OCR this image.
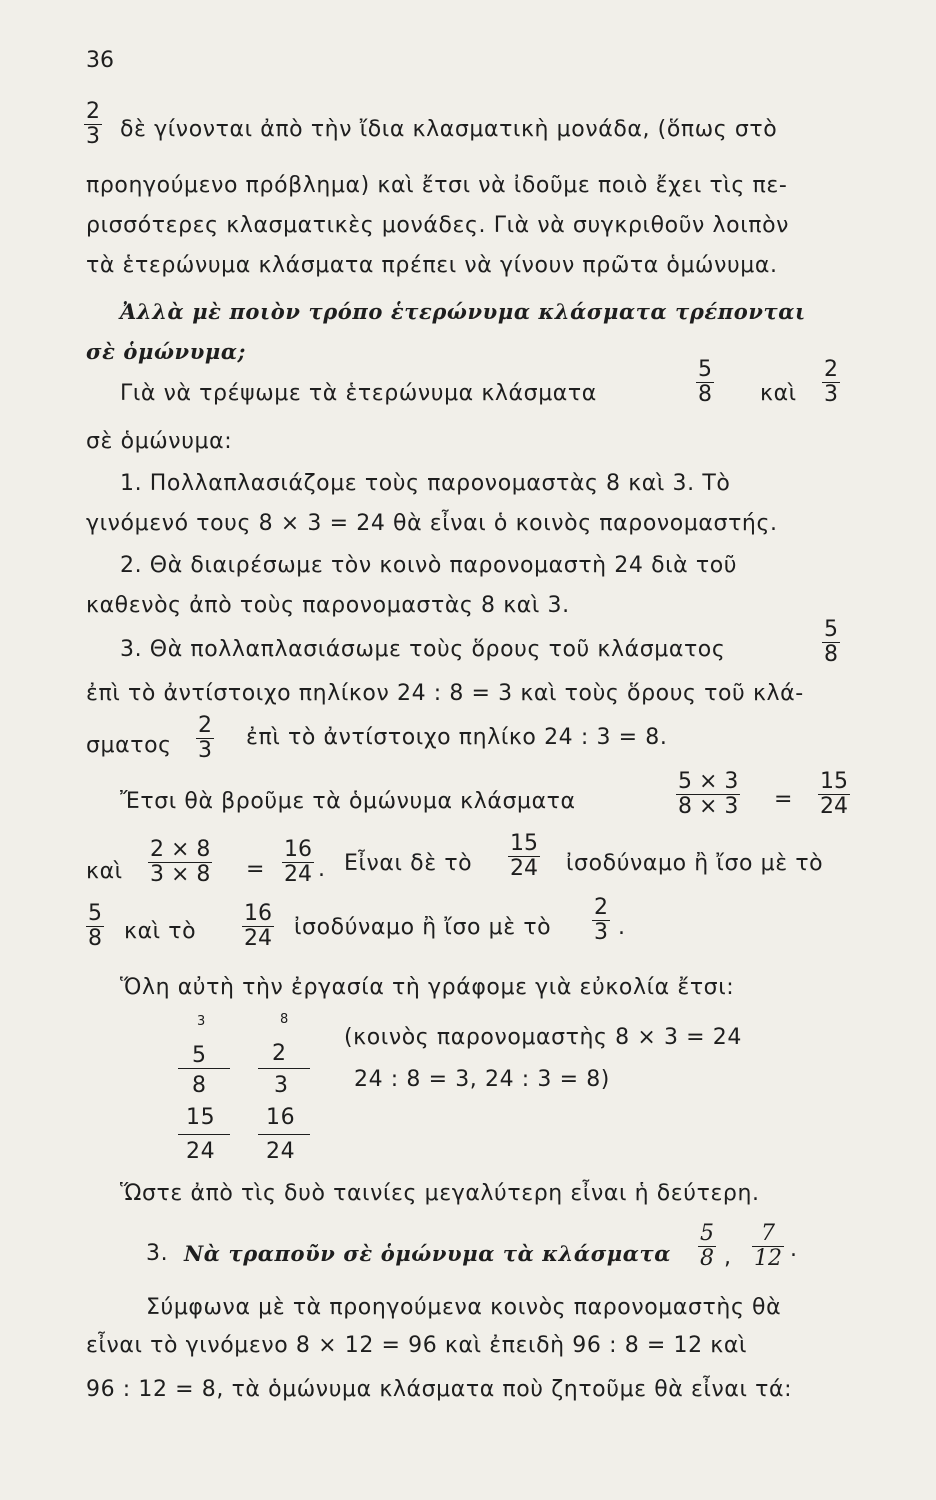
36
$\frac{2}{3}$ δὲ γίνονται ἀπὸ τὴν ἴδια κλασματικὴ μονάδα, (ὅπως στὸ
προηγούμενο πρόβλημα) καὶ ἔτσι νὰ ἰδοῦμε ποιὸ ἔχει τὶς πε-
ρισσότερες κλασματικὲς μονάδες. Γιὰ νὰ συγκριθοῦν λοιπὸν
τὰ ἑτερώνυμα κλάσματα πρέπει νὰ γίνουν πρῶτα ὁμώνυμα.
Ἀλλὰ μὲ ποιὸν τρόπο ἑτερώνυμα κλάσματα τρέπονται
σὲ ὁμώνυμα;
Γιὰ νὰ τρέψωμε τὰ ἑτερώνυμα κλάσματα	$\frac{5}{8}$ καὶ $\frac{2}{3}$
σὲ ὁμώνυμα:
1. Πολλαπλασιάζομε τοὺς παρονομαστὰς 8 καὶ 3. Τὸ
γινόμενό τους 8 × 3 = 24 θὰ εἶναι ὁ κοινὸς παρονομαστής.
2. Θὰ διαιρέσωμε τὸν κοινὸ παρονομαστὴ 24 διὰ τοῦ
καθενὸς ἀπὸ τοὺς παρονομαστὰς 8 καὶ 3.
3. Θὰ πολλαπλασιάσωμε τοὺς ὅρους τοῦ κλάσματος	$\frac{5}{8}$
ἐπὶ τὸ ἀντίστοιχο πηλίκον 24 : 8 = 3 καὶ τοὺς ὅρους τοῦ κλά-
σματος $\frac{2}{3}$ ἐπὶ τὸ ἀντίστοιχο πηλίκο 24 : 3 = 8.
Ἔτσι θὰ βροῦμε τὰ ὁμώνυμα κλάσματα	$\frac{5 \times 3}{8 \times 3} = \frac{15}{24}$
καὶ $\frac{2 \times 8}{3 \times 8} = \frac{16}{24}$ . Εἶναι δὲ τὸ $\frac{15}{24}$ ἰσοδύναμο ἢ ἴσο μὲ τὸ
$\frac{5}{8}$ καὶ τὸ $\frac{16}{24}$ ἰσοδύναμο ἢ ἴσο μὲ τὸ $\frac{2}{3}$ .
Ὅλη αὐτὴ τὴν ἐργασία τὴ γράφομε γιὰ εὐκολία ἔτσι:
3	8
5	2
8	3
15 16
24 24
(κοινὸς παρονομαστὴς 8 × 3 = 24
24 : 8 = 3, 24 : 3 = 8)
Ὥστε ἀπὸ τὶς δυὸ ταινίες μεγαλύτερη εἶναι ἡ δεύτερη.
3. Νὰ τραποῦν σὲ ὁμώνυμα τὰ κλάσματα $\frac{5}{8}$ , $\frac{7}{12}$ .
Σύμφωνα μὲ τὰ προηγούμενα κοινὸς παρονομαστὴς θὰ
εἶναι τὸ γινόμενο 8 × 12 = 96 καὶ ἐπειδὴ 96 : 8 = 12 καὶ
96 : 12 = 8, τὰ ὁμώνυμα κλάσματα ποὺ ζητοῦμε θὰ εἶναι τά:
